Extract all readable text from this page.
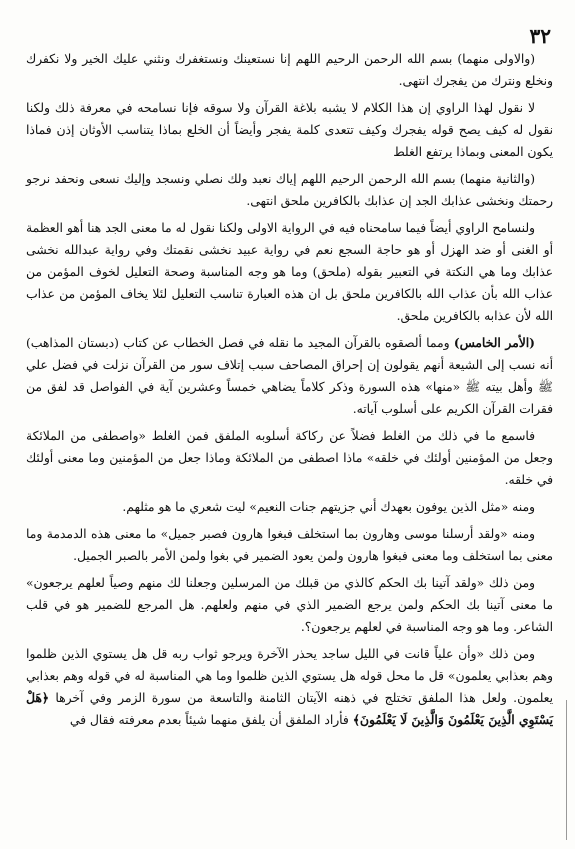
٣٢

(والاولى منهما) بسم الله الرحمن الرحيم اللهم إنا نستعينك ونستغفرك ونثني عليك الخير ولا نكفرك ونخلع ونترك من يفجرك انتهى.

لا نقول لهذا الراوي إن هذا الكلام لا يشبه بلاغة القرآن ولا سوقه فإنا نسامحه في معرفة ذلك ولكنا نقول له كيف يصح قوله يفجرك وكيف تتعدى كلمة يفجر وأيضاً أن الخلع بماذا يتناسب الأوثان إذن فماذا يكون المعنى وبماذا يرتفع الغلط

(والثانية منهما) بسم الله الرحمن الرحيم اللهم إياك نعبد ولك نصلي ونسجد وإليك نسعى ونحفد نرجو رحمتك ونخشى عذابك الجد إن عذابك بالكافرين ملحق انتهى.

ولنسامح الراوي أيضاً فيما سامحناه فيه في الرواية الاولى ولكنا نقول له ما معنى الجد هنا أهو العظمة أو الغنى أو ضد الهزل أو هو حاجة السجع نعم في رواية عبيد نخشى نقمتك وفي رواية عبدالله نخشى عذابك وما هي النكتة في التعبير بقوله (ملحق) وما هو وجه المناسبة وصحة التعليل لخوف المؤمن من عذاب الله بأن عذاب الله بالكافرين ملحق بل ان هذه العبارة تناسب التعليل لئلا يخاف المؤمن من عذاب الله لأن عذابه بالكافرين ملحق.

(الأمر الخامس) ومما ألصقوه بالقرآن المجيد ما نقله في فصل الخطاب عن كتاب (دبستان المذاهب) أنه نسب إلى الشيعة أنهم يقولون إن إحراق المصاحف سبب إتلاف سور من القرآن نزلت في فضل علي ﷺ وأهل بيته ﷺ «منها» هذه السورة وذكر كلاماً يضاهي خمساً وعشرين آية في الفواصل قد لفق من فقرات القرآن الكريم على أسلوب آياته.

فاسمع ما في ذلك من الغلط فضلاً عن ركاكة أسلوبه الملفق فمن الغلط «واصطفى من الملائكة وجعل من المؤمنين أولئك في خلقه» ماذا اصطفى من الملائكة وماذا جعل من المؤمنين وما معنى أولئك في خلقه.

ومنه «مثل الذين يوفون بعهدك أني جزيتهم جنات النعيم» ليت شعري ما هو مثلهم.

ومنه «ولقد أرسلنا موسى وهارون بما استخلف فبغوا هارون فصبر جميل» ما معنى هذه الدمدمة وما معنى بما استخلف وما معنى فبغوا هارون ولمن يعود الضمير في بغوا ولمن الأمر بالصبر الجميل.

ومن ذلك «ولقد آتينا بك الحكم كالذي من قبلك من المرسلين وجعلنا لك منهم وصياً لعلهم يرجعون» ما معنى آتينا بك الحكم ولمن يرجع الضمير الذي في منهم ولعلهم. هل المرجع للضمير هو في قلب الشاعر. وما هو وجه المناسبة في لعلهم يرجعون؟.

ومن ذلك «وأن علياً قانت في الليل ساجد يحذر الآخرة ويرجو ثواب ربه قل هل يستوي الذين ظلموا وهم بعذابي يعلمون» قل ما محل قوله هل يستوي الذين ظلموا وما هي المناسبة له في قوله وهم بعذابي يعلمون. ولعل هذا الملفق تختلج في ذهنه الآيتان الثامنة والتاسعة من سورة الزمر وفي آخرها ﴿هَلْ يَسْتَوِي الَّذِينَ يَعْلَمُونَ وَالَّذِينَ لَا يَعْلَمُونَ﴾ فأراد الملفق أن يلفق منهما شيئاً بعدم معرفته فقال في
